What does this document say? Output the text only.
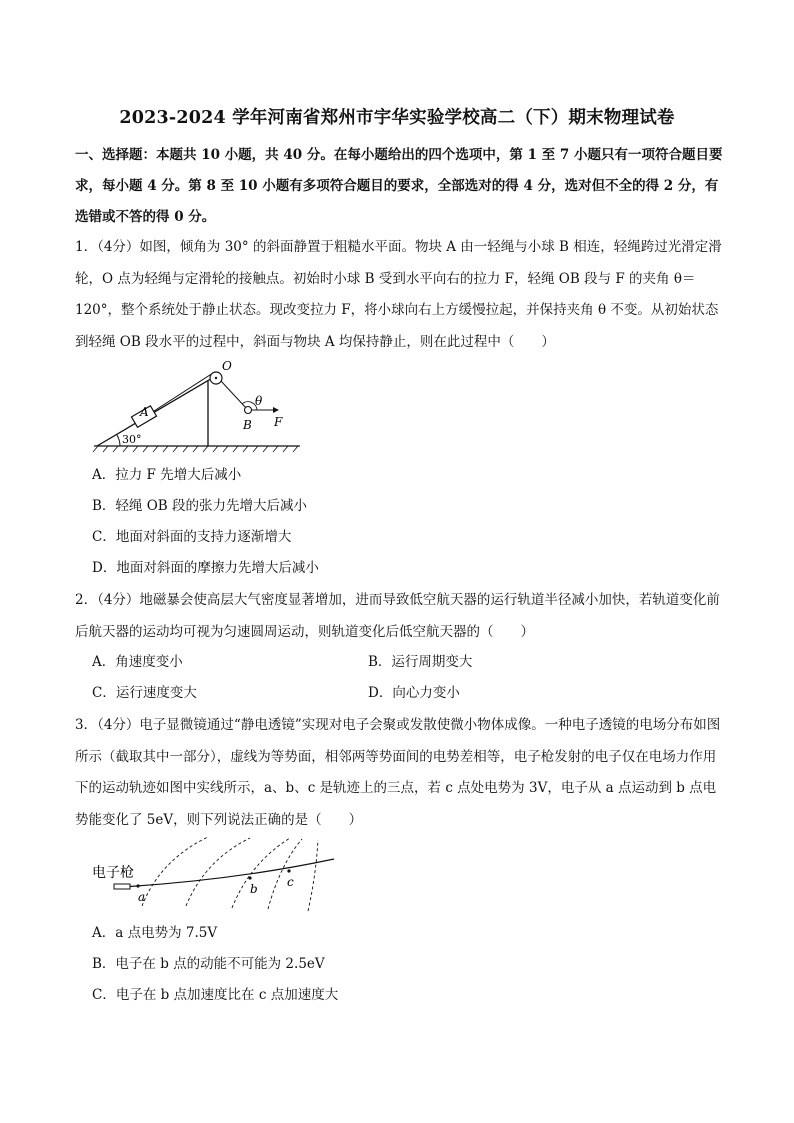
2023-2024 学年河南省郑州市宇华实验学校高二（下）期末物理试卷
一、选择题：本题共 10 小题，共 40 分。在每小题给出的四个选项中，第 1 至 7 小题只有一项符合题目要求，每小题 4 分。第 8 至 10 小题有多项符合题目的要求，全部选对的得 4 分，选对但不全的得 2 分，有选错或不答的得 0 分。
1．（4分）如图，倾角为 30° 的斜面静置于粗糙水平面。物块 A 由一轻绳与小球 B 相连，轻绳跨过光滑定滑轮，O 点为轻绳与定滑轮的接触点。初始时小球 B 受到水平向右的拉力 F，轻绳 OB 段与 F 的夹角 θ＝120°，整个系统处于静止状态。现改变拉力 F，将小球向右上方缓慢拉起，并保持夹角 θ 不变。从初始状态到轻绳 OB 段水平的过程中，斜面与物块 A 均保持静止，则在此过程中（　　）
O
A
θ
B F
30°
A．拉力 F 先增大后减小
B．轻绳 OB 段的张力先增大后减小
C．地面对斜面的支持力逐渐增大
D．地面对斜面的摩擦力先增大后减小
2．（4分）地磁暴会使高层大气密度显著增加，进而导致低空航天器的运行轨道半径减小加快，若轨道变化前后航天器的运动均可视为匀速圆周运动，则轨道变化后低空航天器的（　　）
A．角速度变小	B．运行周期变大
C．运行速度变大	D．向心力变小
3．（4分）电子显微镜通过“静电透镜”实现对电子会聚或发散使微小物体成像。一种电子透镜的电场分布如图所示（截取其中一部分），虚线为等势面，相邻两等势面间的电势差相等，电子枪发射的电子仅在电场力作用下的运动轨迹如图中实线所示，a、b、c 是轨迹上的三点，若 c 点处电势为 3V，电子从 a 点运动到 b 点电势能变化了 5eV，则下列说法正确的是（　　）
电子枪
a
b c
A．a 点电势为 7.5V
B．电子在 b 点的动能不可能为 2.5eV
C．电子在 b 点加速度比在 c 点加速度大
